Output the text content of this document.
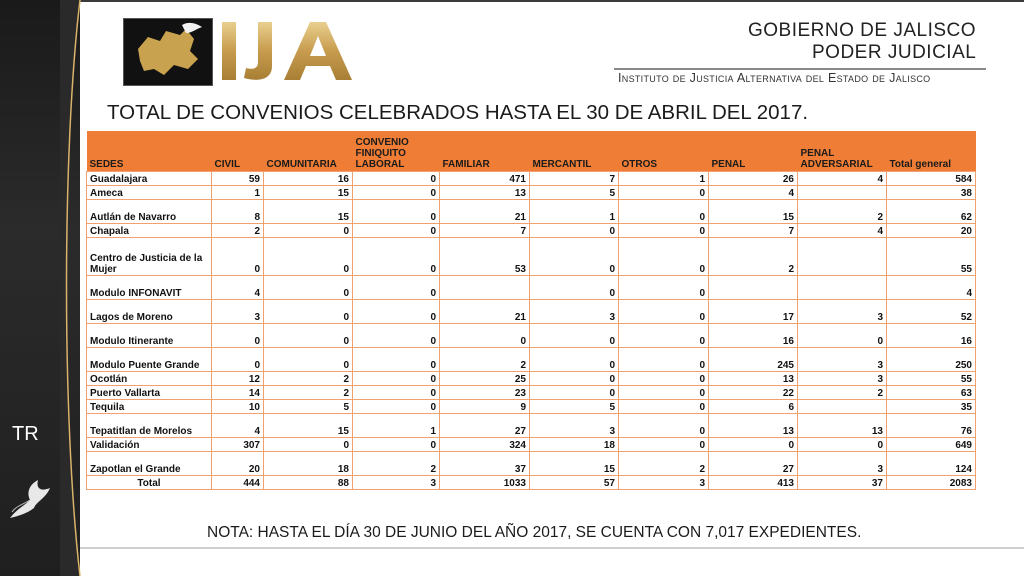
TR
GOBIERNO DE JALISCO
PODER JUDICIAL
Instituto de Justicia Alternativa del Estado de Jalisco
TOTAL DE CONVENIOS CELEBRADOS HASTA EL 30 DE ABRIL DEL 2017.
SEDES	CIVIL	COMUNITARIA	CONVENIO FINIQUITO LABORAL	FAMILIAR	MERCANTIL	OTROS	PENAL	PENAL ADVERSARIAL	Total general
Guadalajara	59	16	0	471	7	1	26	4	584
Ameca	1	15	0	13	5	0	4		38
Autlán de Navarro	8	15	0	21	1	0	15	2	62
Chapala	2	0	0	7	0	0	7	4	20
Centro de Justicia de la Mujer	0	0	0	53	0	0	2		55
Modulo INFONAVIT	4	0	0		0	0			4
Lagos de Moreno	3	0	0	21	3	0	17	3	52
Modulo Itinerante	0	0	0	0	0	0	16	0	16
Modulo Puente Grande	0	0	0	2	0	0	245	3	250
Ocotlán	12	2	0	25	0	0	13	3	55
Puerto Vallarta	14	2	0	23	0	0	22	2	63
Tequila	10	5	0	9	5	0	6		35
Tepatitlan de Morelos	4	15	1	27	3	0	13	13	76
Validación	307	0	0	324	18	0	0	0	649
Zapotlan el Grande	20	18	2	37	15	2	27	3	124
Total	444	88	3	1033	57	3	413	37	2083
NOTA: HASTA EL DÍA 30 DE JUNIO DEL AÑO 2017, SE CUENTA CON 7,017 EXPEDIENTES.
